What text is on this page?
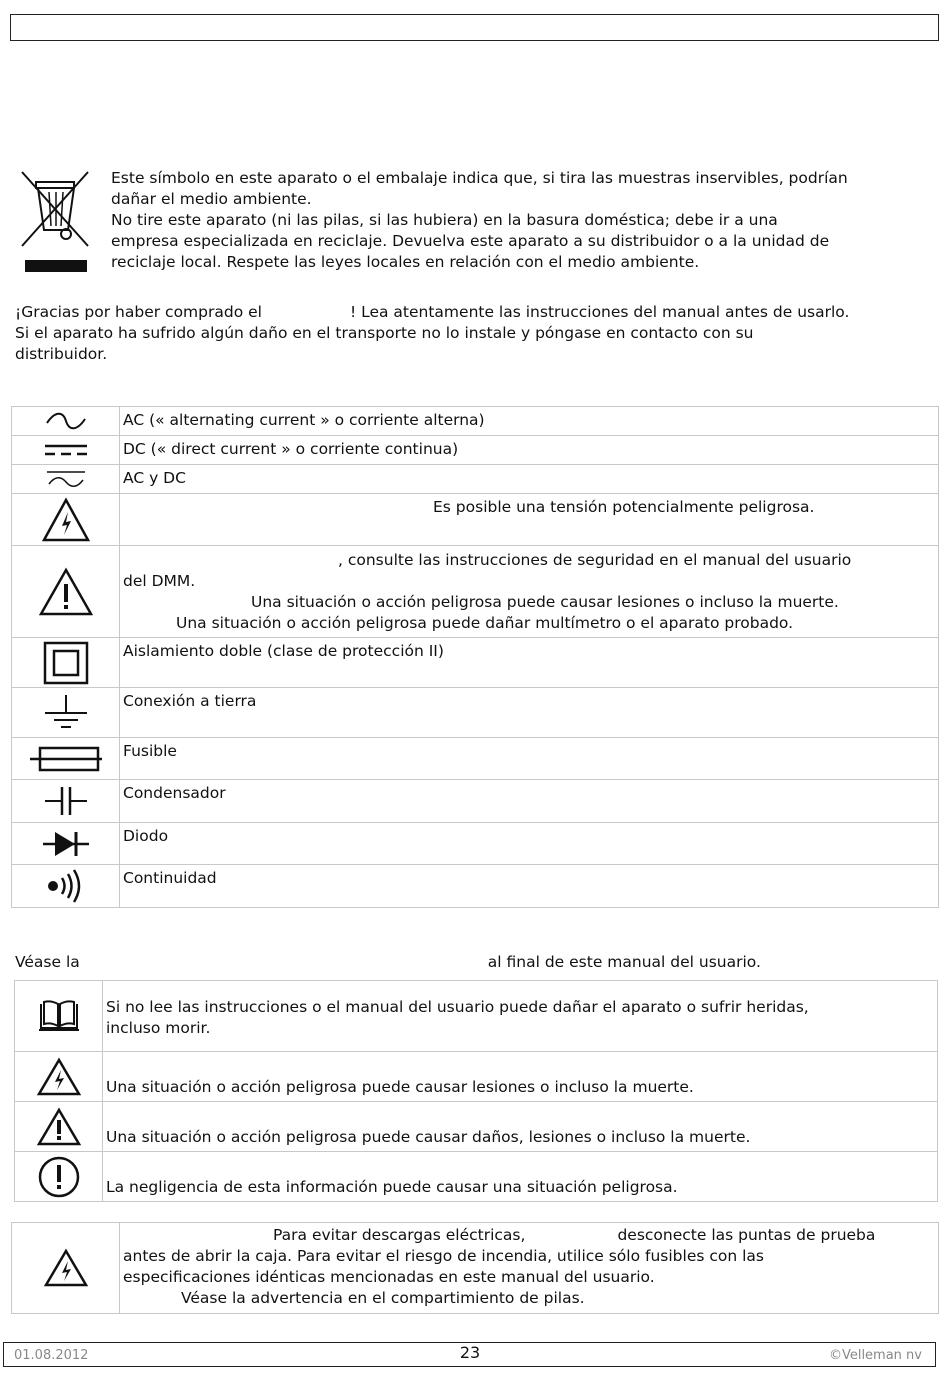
Este símbolo en este aparato o el embalaje indica que, si tira las muestras inservibles, podrían
dañar el medio ambiente.
No tire este aparato (ni las pilas, si las hubiera) en la basura doméstica; debe ir a una
empresa especializada en reciclaje. Devuelva este aparato a su distribuidor o a la unidad de
reciclaje local. Respete las leyes locales en relación con el medio ambiente.
¡Gracias por haber comprado el	! Lea atentamente las instrucciones del manual antes de usarlo.
Si el aparato ha sufrido algún daño en el transporte no lo instale y póngase en contacto con su
distribuidor.
	AC (« alternating current » o corriente alterna)

	DC (« direct current » o corriente continua)

	AC y DC

Es posible una tensión potencialmente peligrosa.

, consulte las instrucciones de seguridad en el manual del usuario
del DMM.
Una situación o acción peligrosa puede causar lesiones o incluso la muerte.
Una situación o acción peligrosa puede dañar multímetro o el aparato probado.

	Aislamiento doble (clase de protección II)

	Conexión a tierra

	Fusible

	Condensador

	Diodo

	Continuidad
Véase la	al final de este manual del usuario.

Si no lee las instrucciones o el manual del usuario puede dañar el aparato o sufrir heridas,
incluso morir.

	Una situación o acción peligrosa puede causar lesiones o incluso la muerte.

	Una situación o acción peligrosa puede causar daños, lesiones o incluso la muerte.

	La negligencia de esta información puede causar una situación peligrosa.

Para evitar descargas eléctricas,	desconecte las puntas de prueba
antes de abrir la caja. Para evitar el riesgo de incendia, utilice sólo fusibles con las
especificaciones idénticas mencionadas en este manual del usuario.
Véase la advertencia en el compartimiento de pilas.
01.08.2012	23	©Velleman nv
